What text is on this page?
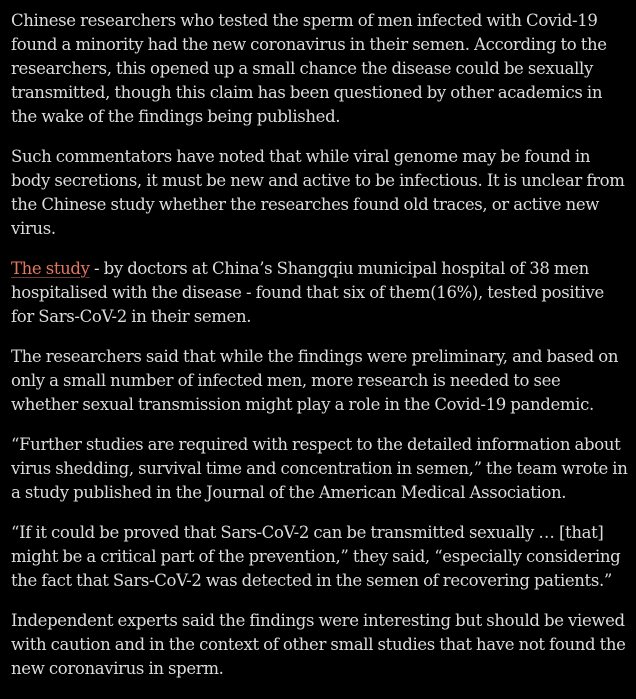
Chinese researchers who tested the sperm of men infected with Covid-19 found a minority had the new coronavirus in their semen. According to the researchers, this opened up a small chance the disease could be sexually transmitted, though this claim has been questioned by other academics in the wake of the findings being published.

Such commentators have noted that while viral genome may be found in body secretions, it must be new and active to be infectious. It is unclear from the Chinese study whether the researches found old traces, or active new virus.

The study - by doctors at China’s Shangqiu municipal hospital of 38 men hospitalised with the disease - found that six of them(16%), tested positive for Sars-CoV-2 in their semen.

The researchers said that while the findings were preliminary, and based on only a small number of infected men, more research is needed to see whether sexual transmission might play a role in the Covid-19 pandemic.

“Further studies are required with respect to the detailed information about virus shedding, survival time and concentration in semen,” the team wrote in a study published in the Journal of the American Medical Association.

“If it could be proved that Sars-CoV-2 can be transmitted sexually … [that] might be a critical part of the prevention,” they said, “especially considering the fact that Sars-CoV-2 was detected in the semen of recovering patients.”

Independent experts said the findings were interesting but should be viewed with caution and in the context of other small studies that have not found the new coronavirus in sperm.
